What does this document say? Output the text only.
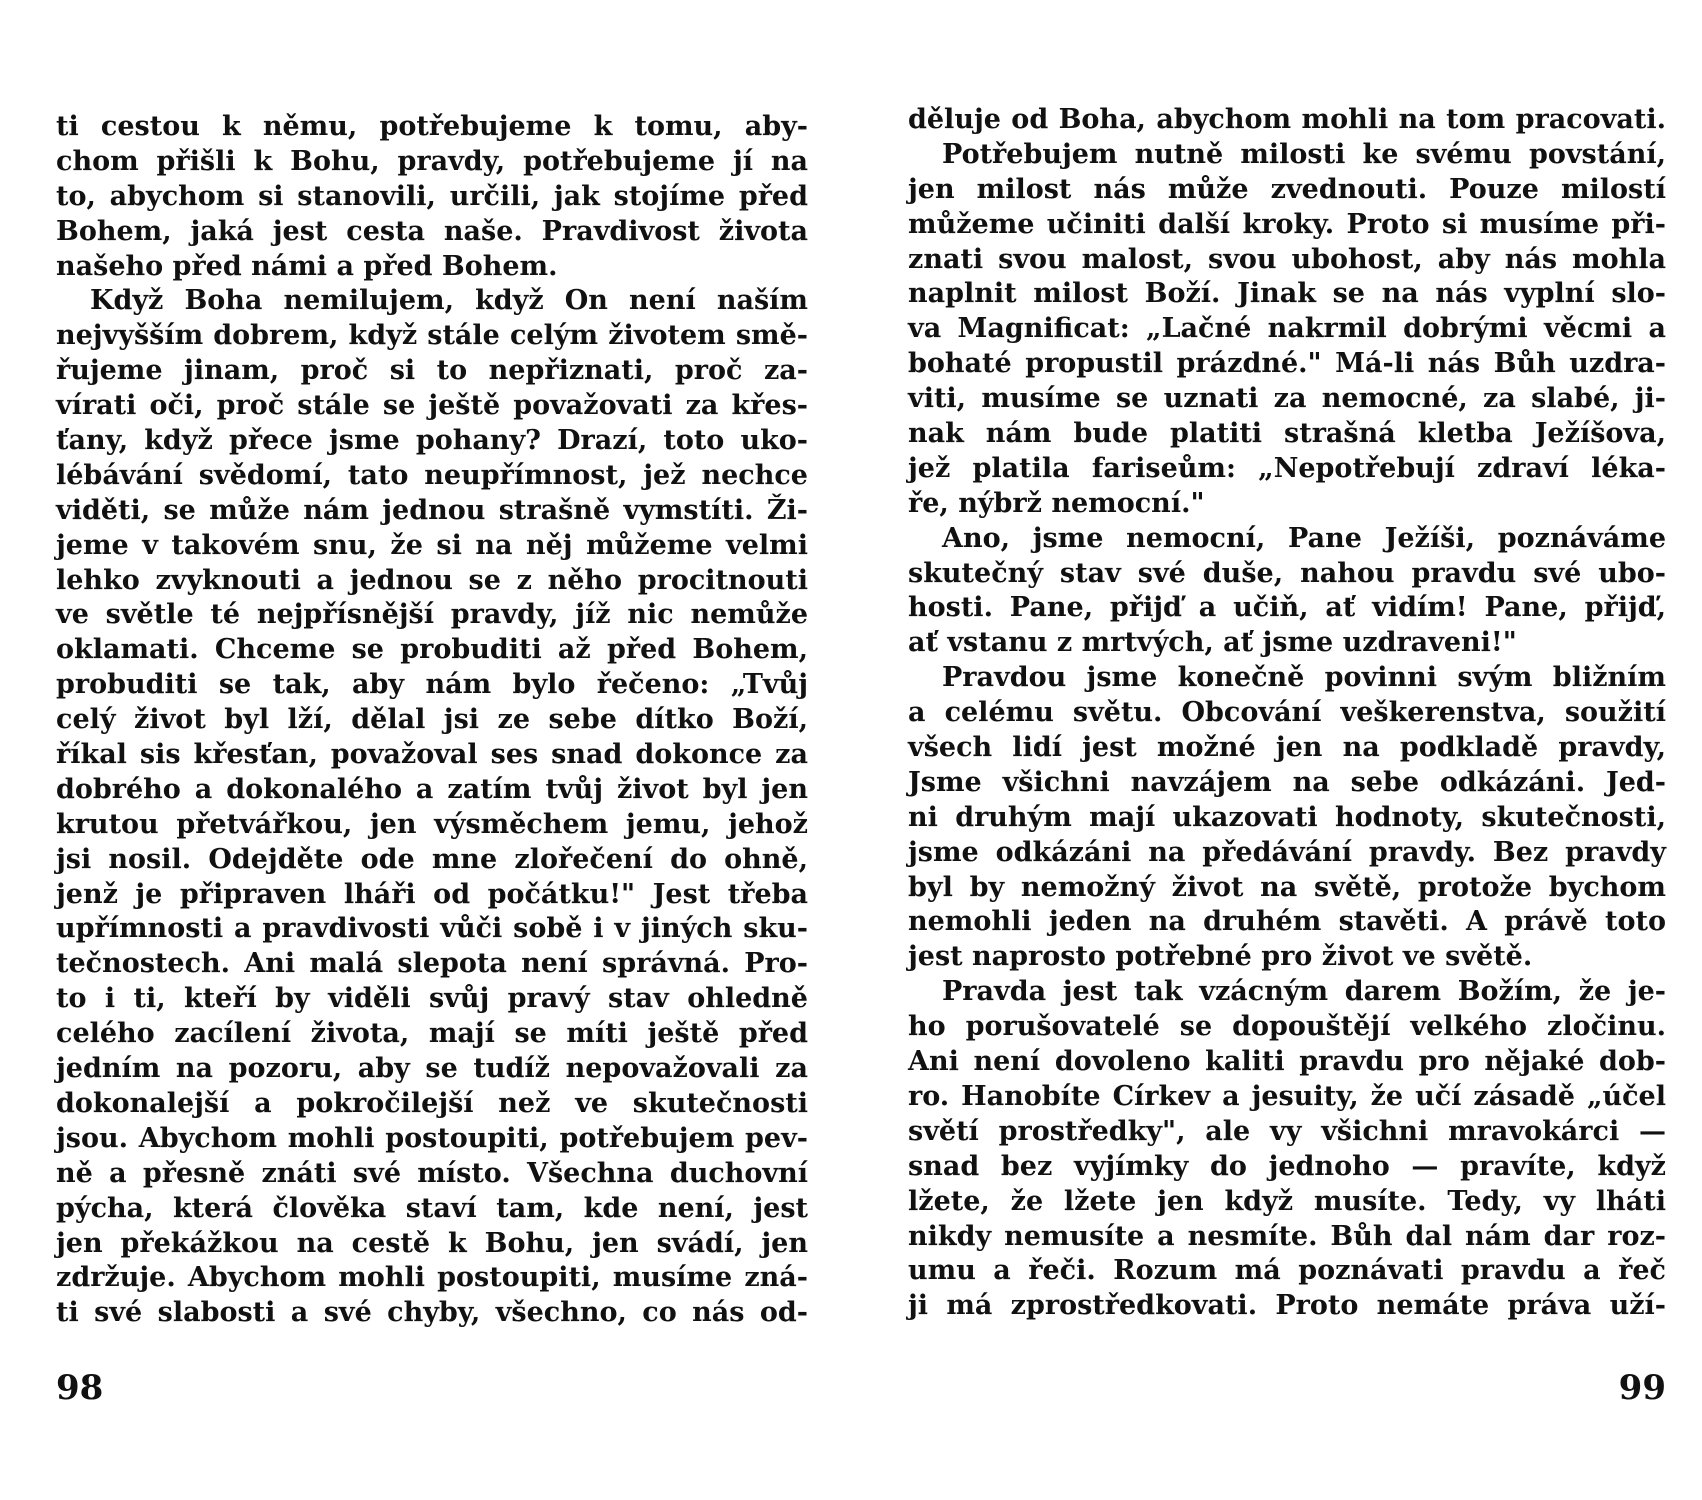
ti cestou k němu, potřebujeme k tomu, aby-
chom přišli k Bohu, pravdy, potřebujeme jí na
to, abychom si stanovili, určili, jak stojíme před
Bohem, jaká jest cesta naše. Pravdivost života
našeho před námi a před Bohem.
Když Boha nemilujem, když On není naším
nejvyšším dobrem, když stále celým životem smě-
řujeme jinam, proč si to nepřiznati, proč za-
vírati oči, proč stále se ještě považovati za křes-
ťany, když přece jsme pohany? Drazí, toto uko-
lébávání svědomí, tato neupřímnost, jež nechce
viděti, se může nám jednou strašně vymstíti. Ži-
jeme v takovém snu, že si na něj můžeme velmi
lehko zvyknouti a jednou se z něho procitnouti
ve světle té nejpřísnější pravdy, jíž nic nemůže
oklamati. Chceme se probuditi až před Bohem,
probuditi se tak, aby nám bylo řečeno: „Tvůj
celý život byl lží, dělal jsi ze sebe dítko Boží,
říkal sis křesťan, považoval ses snad dokonce za
dobrého a dokonalého a zatím tvůj život byl jen
krutou přetvářkou, jen výsměchem jemu, jehož
jsi nosil. Odejděte ode mne zlořečení do ohně,
jenž je připraven lháři od počátku!" Jest třeba
upřímnosti a pravdivosti vůči sobě i v jiných sku-
tečnostech. Ani malá slepota není správná. Pro-
to i ti, kteří by viděli svůj pravý stav ohledně
celého zacílení života, mají se míti ještě před
jedním na pozoru, aby se tudíž nepovažovali za
dokonalejší a pokročilejší než ve skutečnosti
jsou. Abychom mohli postoupiti, potřebujem pev-
ně a přesně znáti své místo. Všechna duchovní
pýcha, která člověka staví tam, kde není, jest
jen překážkou na cestě k Bohu, jen svádí, jen
zdržuje. Abychom mohli postoupiti, musíme zná-
ti své slabosti a své chyby, všechno, co nás od-
98
děluje od Boha, abychom mohli na tom pracovati.
Potřebujem nutně milosti ke svému povstání,
jen milost nás může zvednouti. Pouze milostí
můžeme učiniti další kroky. Proto si musíme při-
znati svou malost, svou ubohost, aby nás mohla
naplnit milost Boží. Jinak se na nás vyplní slo-
va Magnificat: „Lačné nakrmil dobrými věcmi a
bohaté propustil prázdné." Má-li nás Bůh uzdra-
viti, musíme se uznati za nemocné, za slabé, ji-
nak nám bude platiti strašná kletba Ježíšova,
jež platila fariseům: „Nepotřebují zdraví léka-
ře, nýbrž nemocní."
Ano, jsme nemocní, Pane Ježíši, poznáváme
skutečný stav své duše, nahou pravdu své ubo-
hosti. Pane, přijď a učiň, ať vidím! Pane, přijď,
ať vstanu z mrtvých, ať jsme uzdraveni!"
Pravdou jsme konečně povinni svým bližním
a celému světu. Obcování veškerenstva, soužití
všech lidí jest možné jen na podkladě pravdy,
Jsme všichni navzájem na sebe odkázáni. Jed-
ni druhým mají ukazovati hodnoty, skutečnosti,
jsme odkázáni na předávání pravdy. Bez pravdy
byl by nemožný život na světě, protože bychom
nemohli jeden na druhém stavěti. A právě toto
jest naprosto potřebné pro život ve světě.
Pravda jest tak vzácným darem Božím, že je-
ho porušovatelé se dopouštějí velkého zločinu.
Ani není dovoleno kaliti pravdu pro nějaké dob-
ro. Hanobíte Církev a jesuity, že učí zásadě „účel
světí prostředky", ale vy všichni mravokárci —
snad bez vyjímky do jednoho — pravíte, když
lžete, že lžete jen když musíte. Tedy, vy lháti
nikdy nemusíte a nesmíte. Bůh dal nám dar roz-
umu a řeči. Rozum má poznávati pravdu a řeč
ji má zprostředkovati. Proto nemáte práva uží-
99
